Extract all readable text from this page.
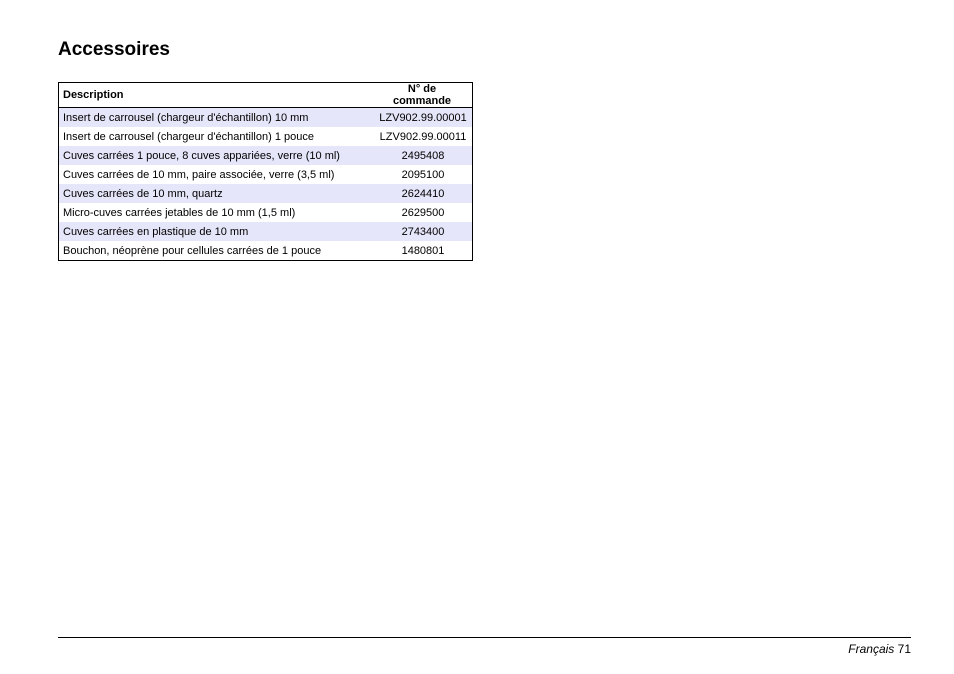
Accessoires
Description	N° de commande
Insert de carrousel (chargeur d'échantillon) 10 mm	LZV902.99.00001
Insert de carrousel (chargeur d'échantillon) 1 pouce	LZV902.99.00011
Cuves carrées 1 pouce, 8 cuves appariées, verre (10 ml)	2495408
Cuves carrées de 10 mm, paire associée, verre (3,5 ml)	2095100
Cuves carrées de 10 mm, quartz	2624410
Micro-cuves carrées jetables de 10 mm (1,5 ml)	2629500
Cuves carrées en plastique de 10 mm	2743400
Bouchon, néoprène pour cellules carrées de 1 pouce	1480801
Français 71
